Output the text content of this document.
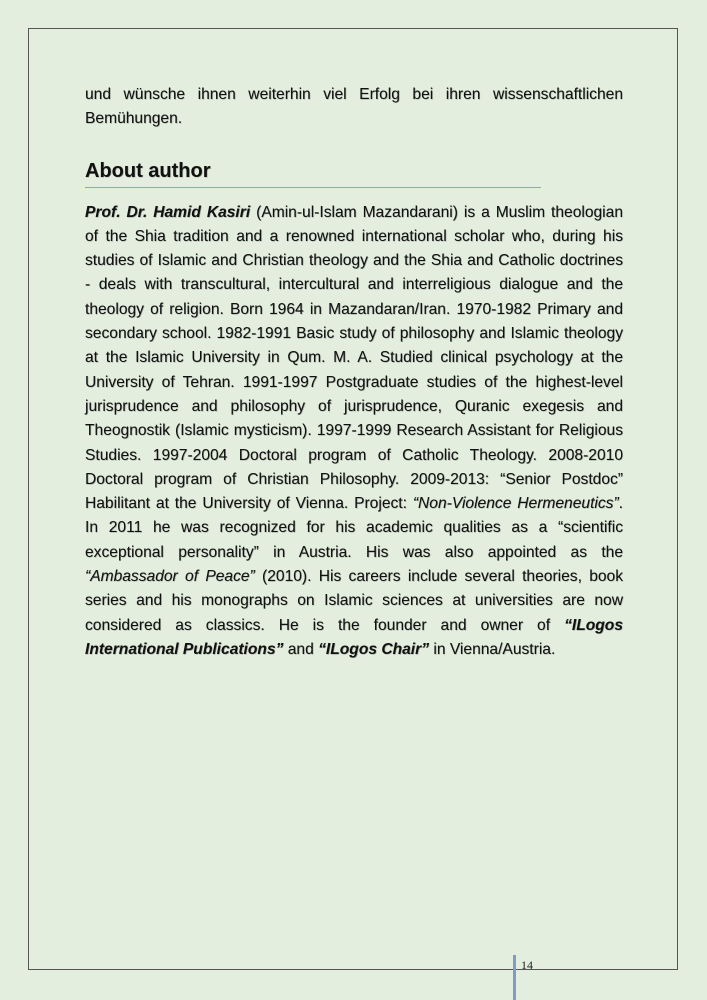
und wünsche ihnen weiterhin viel Erfolg bei ihren wissenschaftlichen Bemühungen.

About author

Prof. Dr. Hamid Kasiri (Amin-ul-Islam Mazandarani) is a Muslim theologian of the Shia tradition and a renowned international scholar who, during his studies of Islamic and Christian theology and the Shia and Catholic doctrines - deals with transcultural, intercultural and interreligious dialogue and the theology of religion. Born 1964 in Mazandaran/Iran. 1970-1982 Primary and secondary school. 1982-1991 Basic study of philosophy and Islamic theology at the Islamic University in Qum. M. A. Studied clinical psychology at the University of Tehran. 1991-1997 Postgraduate studies of the highest-level jurisprudence and philosophy of jurisprudence, Quranic exegesis and Theognostik (Islamic mysticism). 1997-1999 Research Assistant for Religious Studies. 1997-2004 Doctoral program of Catholic Theology. 2008-2010 Doctoral program of Christian Philosophy. 2009-2013: “Senior Postdoc” Habilitant at the University of Vienna. Project: “Non-Violence Hermeneutics”. In 2011 he was recognized for his academic qualities as a “scientific exceptional personality” in Austria. His was also appointed as the “Ambassador of Peace” (2010). His careers include several theories, book series and his monographs on Islamic sciences at universities are now considered as classics. He is the founder and owner of “ILogos International Publications” and “ILogos Chair” in Vienna/Austria.

14
